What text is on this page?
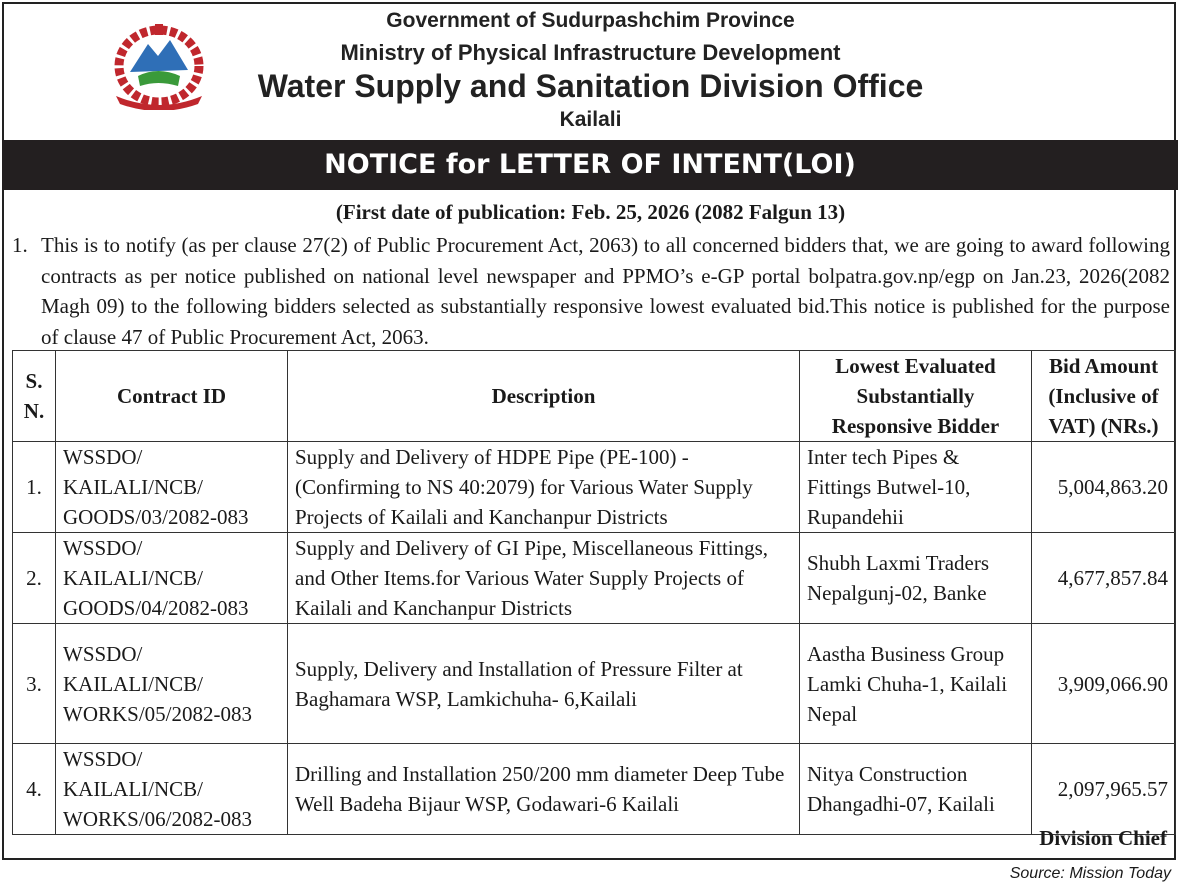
Government of Sudurpashchim Province
Ministry of Physical Infrastructure Development
Water Supply and Sanitation Division Office
Kailali
NOTICE for LETTER OF INTENT(LOI)
(First date of publication: Feb. 25, 2026 (2082 Falgun 13)
1. This is to notify (as per clause 27(2) of Public Procurement Act, 2063) to all concerned bidders that, we are going to award following contracts as per notice published on national level newspaper and PPMO’s e-GP portal bolpatra.gov.np/egp on Jan.23, 2026(2082 Magh 09) to the following bidders selected as substantially responsive lowest evaluated bid.This notice is published for the purpose of clause 47 of Public Procurement Act, 2063.
S. N.	Contract ID	Description	Lowest Evaluated Substantially Responsive Bidder	Bid Amount (Inclusive of VAT) (NRs.)
1.	WSSDO/ KAILALI/NCB/ GOODS/03/2082-083	Supply and Delivery of HDPE Pipe (PE-100) - (Confirming to NS 40:2079) for Various Water Supply Projects of Kailali and Kanchanpur Districts	Inter tech Pipes & Fittings Butwel-10, Rupandehii	5,004,863.20
2.	WSSDO/ KAILALI/NCB/ GOODS/04/2082-083	Supply and Delivery of GI Pipe, Miscellaneous Fittings, and Other Items.for Various Water Supply Projects of Kailali and Kanchanpur Districts	Shubh Laxmi Traders Nepalgunj-02, Banke	4,677,857.84
3.	WSSDO/ KAILALI/NCB/ WORKS/05/2082-083	Supply, Delivery and Installation of Pressure Filter at Baghamara WSP, Lamkichuha- 6,Kailali	Aastha Business Group Lamki Chuha-1, Kailali Nepal	3,909,066.90
4.	WSSDO/ KAILALI/NCB/ WORKS/06/2082-083	Drilling and Installation 250/200 mm diameter Deep Tube Well Badeha Bijaur WSP, Godawari-6 Kailali	Nitya Construction Dhangadhi-07, Kailali	2,097,965.57
Division Chief
Source: Mission Today
